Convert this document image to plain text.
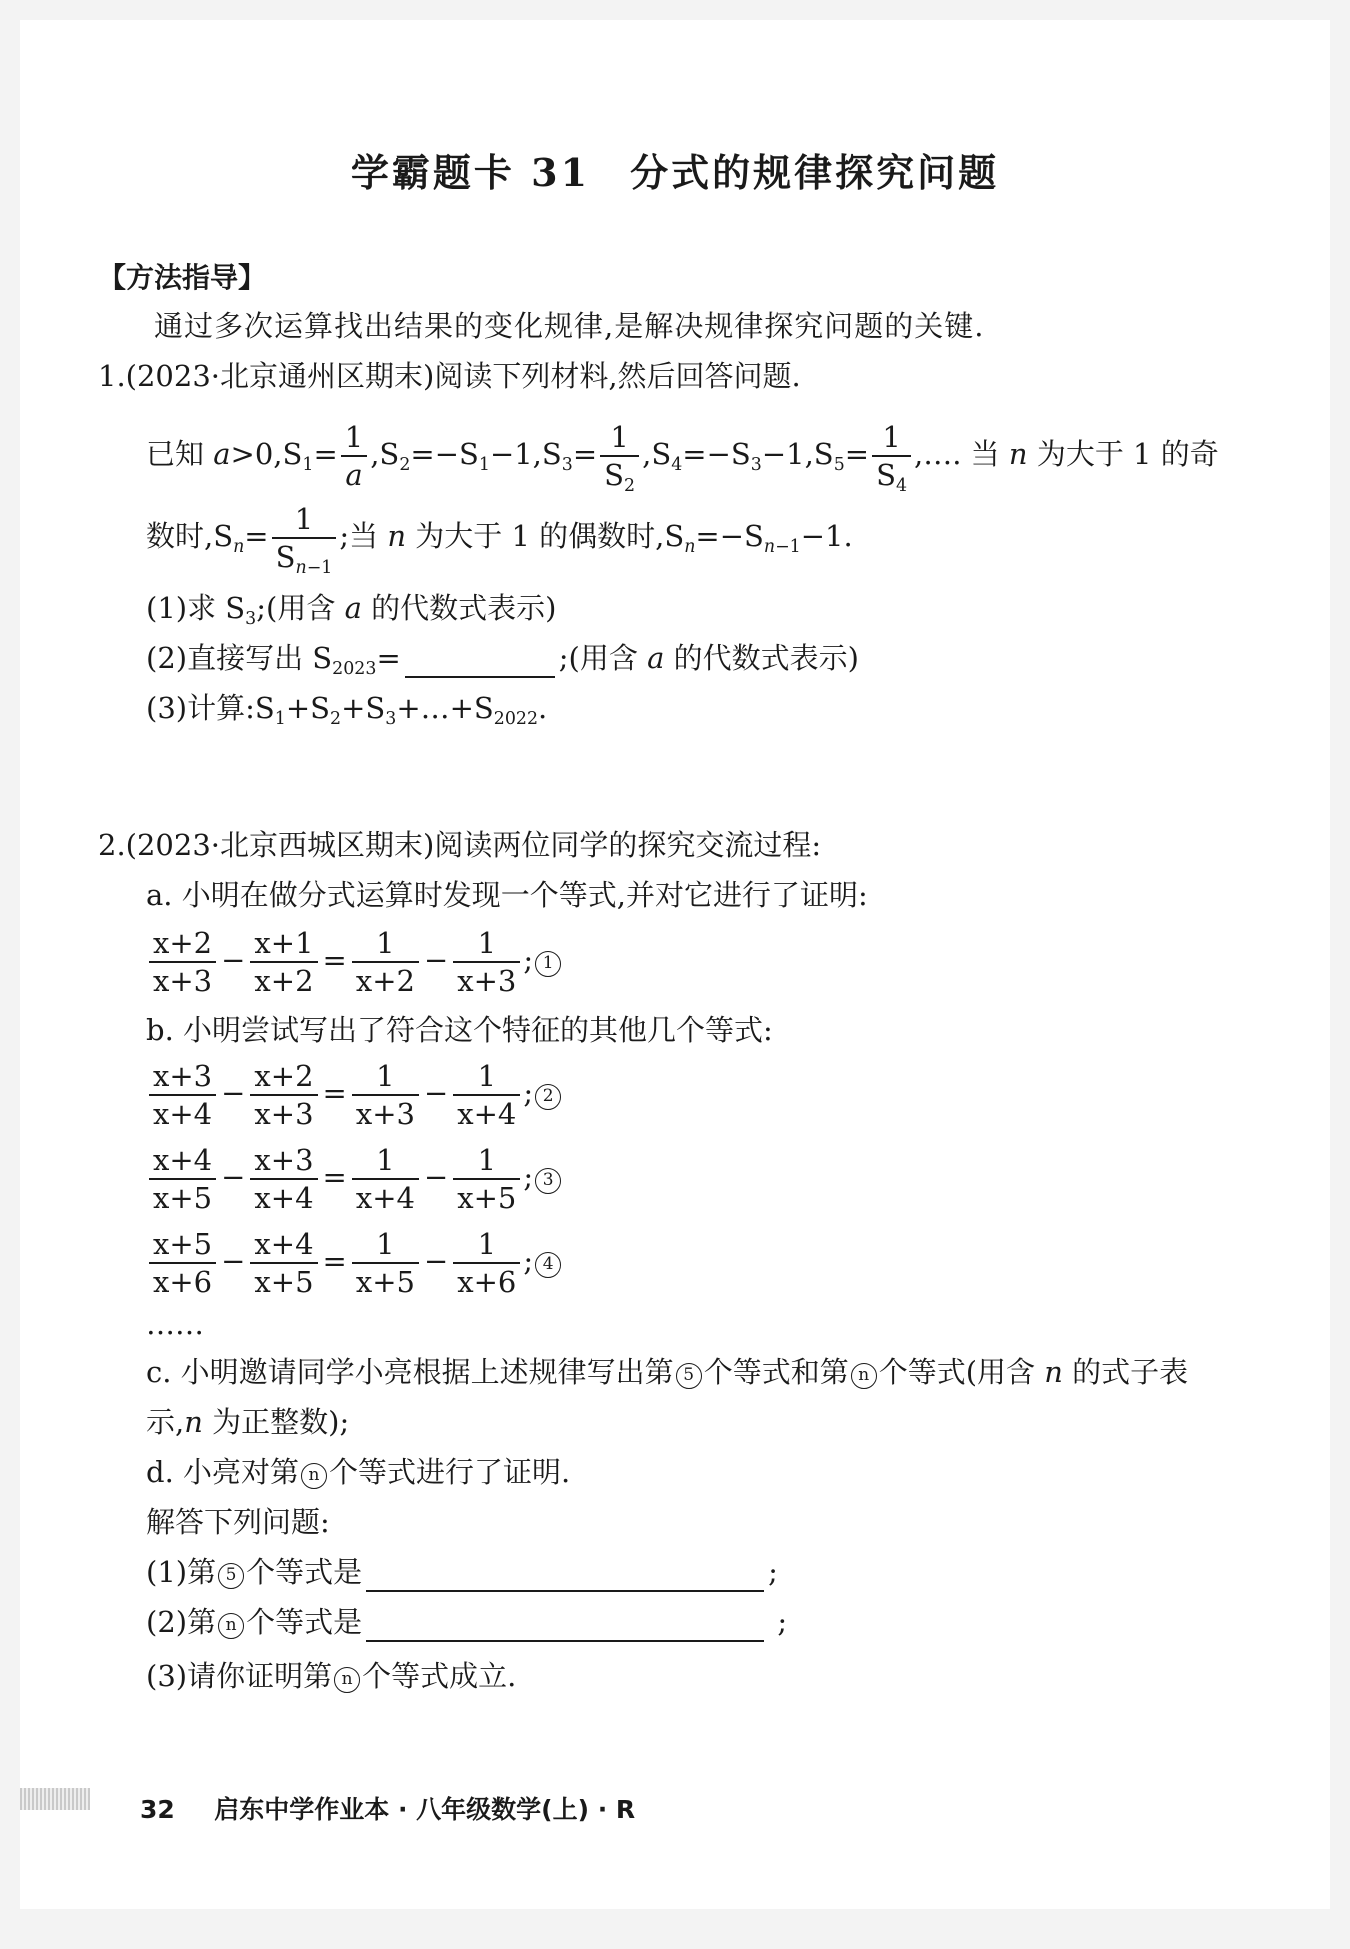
学霸题卡 31 分式的规律探究问题
【方法指导】
通过多次运算找出结果的变化规律,是解决规律探究问题的关键.
1.(2023·北京通州区期末)阅读下列材料,然后回答问题.
已知 $a>0,S_1= \frac{1}{a} ,S_2=-S_1-1,S_3= \frac{1}{S_2} ,S_4=-S_3-1,S_5= \frac{1}{S_4}$ ,…. 当 n 为大于 1 的奇
数时$,S_n= \frac{1}{S_{n-1}}$ ;当 n 为大于 1 的偶数时$,S_n=-S_{n-1}-1$.
(1)求 $S_3$;(用含 a 的代数式表示)
(2)直接写出 $S_{2023}=$	;(用含 a 的代数式表示)
(3)计算$:S_1+S_2+S_3+\dots+S_{2022}$.
2.(2023·北京西城区期末)阅读两位同学的探究交流过程:
a. 小明在做分式运算时发现一个等式,并对它进行了证明:
$\frac{x+2}{x+3} - \frac{x+1}{x+2} = \frac{1}{x+2} - \frac{1}{x+3}$ ; 1
b. 小明尝试写出了符合这个特征的其他几个等式:
$\frac{x+3}{x+4} - \frac{x+2}{x+3} = \frac{1}{x+3} - \frac{1}{x+4}$ ; 2
$\frac{x+4}{x+5} - \frac{x+3}{x+4} = \frac{1}{x+4} - \frac{1}{x+5}$ ; 3
$\frac{x+5}{x+6} - \frac{x+4}{x+5} = \frac{1}{x+5} - \frac{1}{x+6}$ ; 4
……
c. 小明邀请同学小亮根据上述规律写出第 5 个等式和第 n 个等式(用含 n 的式子表
示,n 为正整数);
d. 小亮对第 n 个等式进行了证明.
解答下列问题:
(1)第 5 个等式是	;
(2)第 n 个等式是	;
(3)请你证明第 n 个等式成立.
32 启东中学作业本 · 八年级数学(上) · R
